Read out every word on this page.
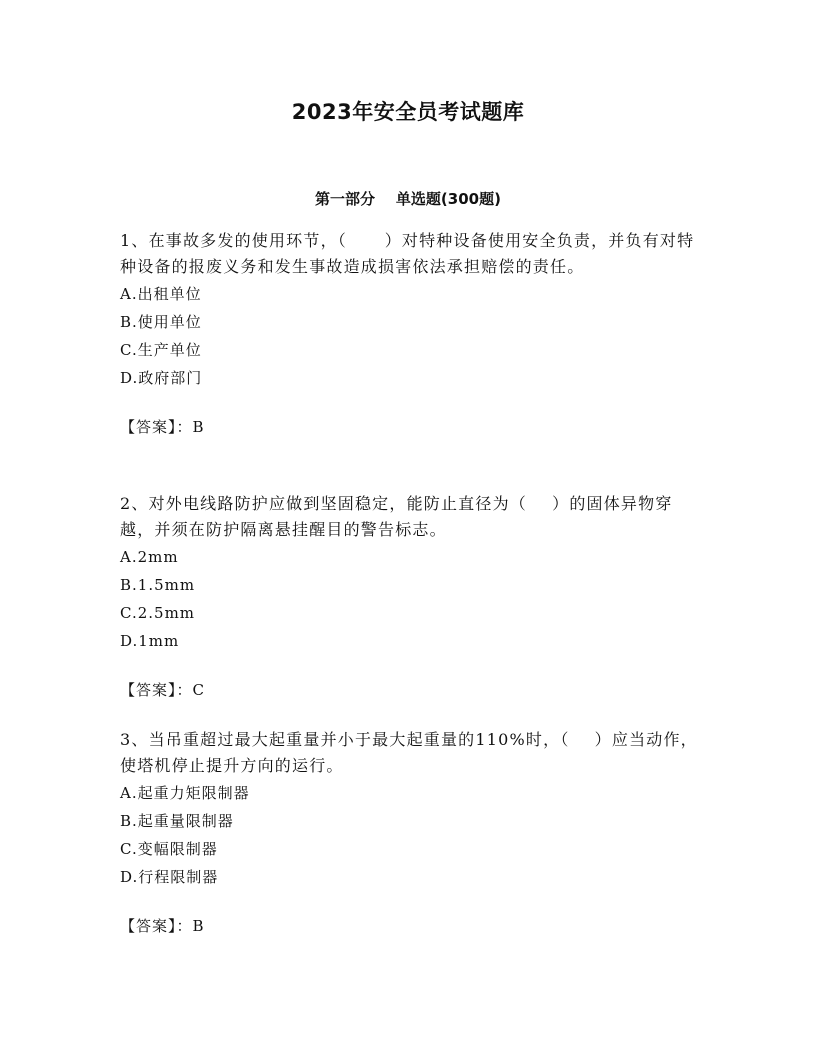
2023年安全员考试题库
第一部分    单选题(300题)

1、在事故多发的使用环节，（      ）对特种设备使用安全负责，并负有对特种设备的报废义务和发生事故造成损害依法承担赔偿的责任。

A.出租单位

B.使用单位

C.生产单位

D.政府部门

【答案】：B

2、对外电线路防护应做到坚固稳定，能防止直径为（    ）的固体异物穿越，并须在防护隔离悬挂醒目的警告标志。

A.2mm

B.1.5mm

C.2.5mm

D.1mm

【答案】：C

3、当吊重超过最大起重量并小于最大起重量的110%时，（    ）应当动作，使塔机停止提升方向的运行。

A.起重力矩限制器

B.起重量限制器

C.变幅限制器

D.行程限制器

【答案】：B
